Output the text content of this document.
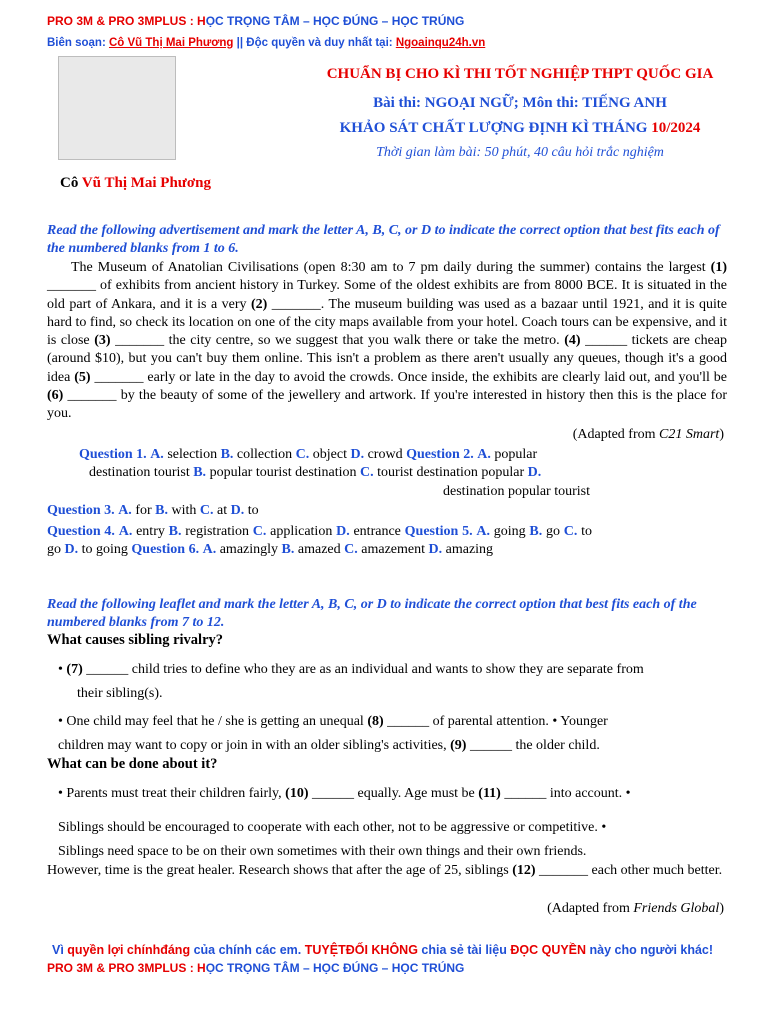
PRO 3M & PRO 3MPLUS : HỌC TRỌNG TÂM – HỌC ĐÚNG – HỌC TRÚNG
Biên soạn: Cô Vũ Thị Mai Phương || Độc quyền và duy nhất tại: Ngoainqu24h.vn
Cô Vũ Thị Mai Phương
CHUẨN BỊ CHO KÌ THI TỐT NGHIỆP THPT QUỐC GIA
Bài thi: NGOẠI NGỮ; Môn thi: TIẾNG ANH
KHẢO SÁT CHẤT LƯỢNG ĐỊNH KÌ THÁNG 10/2024
Thời gian làm bài: 50 phút, 40 câu hỏi trắc nghiệm
Read the following advertisement and mark the letter A, B, C, or D to indicate the correct option that best fits each of the numbered blanks from 1 to 6.
The Museum of Anatolian Civilisations (open 8:30 am to 7 pm daily during the summer) contains the largest (1) _______ of exhibits from ancient history in Turkey. Some of the oldest exhibits are from 8000 BCE. It is situated in the old part of Ankara, and it is a very (2) _______. The museum building was used as a bazaar until 1921, and it is quite hard to find, so check its location on one of the city maps available from your hotel. Coach tours can be expensive, and it is close (3) _______ the city centre, so we suggest that you walk there or take the metro. (4) ______ tickets are cheap (around $10), but you can't buy them online. This isn't a problem as there aren't usually any queues, though it's a good idea (5) _______ early or late in the day to avoid the crowds. Once inside, the exhibits are clearly laid out, and you'll be (6) _______ by the beauty of some of the jewellery and artwork. If you're interested in history then this is the place for you.
(Adapted from C21 Smart)
Question 1. A. selection B. collection C. object D. crowd Question 2. A. popular
destination tourist B. popular tourist destination C. tourist destination popular D.
destination popular tourist
Question 3. A. for B. with C. at D. to
Question 4. A. entry B. registration C. application D. entrance Question 5. A. going B. go C. to go D. to going Question 6. A. amazingly B. amazed C. amazement D. amazing
Read the following leaflet and mark the letter A, B, C, or D to indicate the correct option that best fits each of the numbered blanks from 7 to 12.
What causes sibling rivalry?
• (7) ______ child tries to define who they are as an individual and wants to show they are separate from
their sibling(s).
• One child may feel that he / she is getting an unequal (8) ______ of parental attention. • Younger
children may want to copy or join in with an older sibling's activities, (9) ______ the older child.
What can be done about it?
• Parents must treat their children fairly, (10) ______ equally. Age must be (11) ______ into account. •
Siblings should be encouraged to cooperate with each other, not to be aggressive or competitive. •
Siblings need space to be on their own sometimes with their own things and their own friends.
However, time is the great healer. Research shows that after the age of 25, siblings (12) _______ each other much better.
(Adapted from Friends Global)
Vì quyền lợi chínhđáng của chính các em. TUYỆTĐỐI KHÔNG chia sẻ tài liệu ĐỌC QUYỀN này cho người khác!
PRO 3M & PRO 3MPLUS : HỌC TRỌNG TÂM – HỌC ĐÚNG – HỌC TRÚNG
